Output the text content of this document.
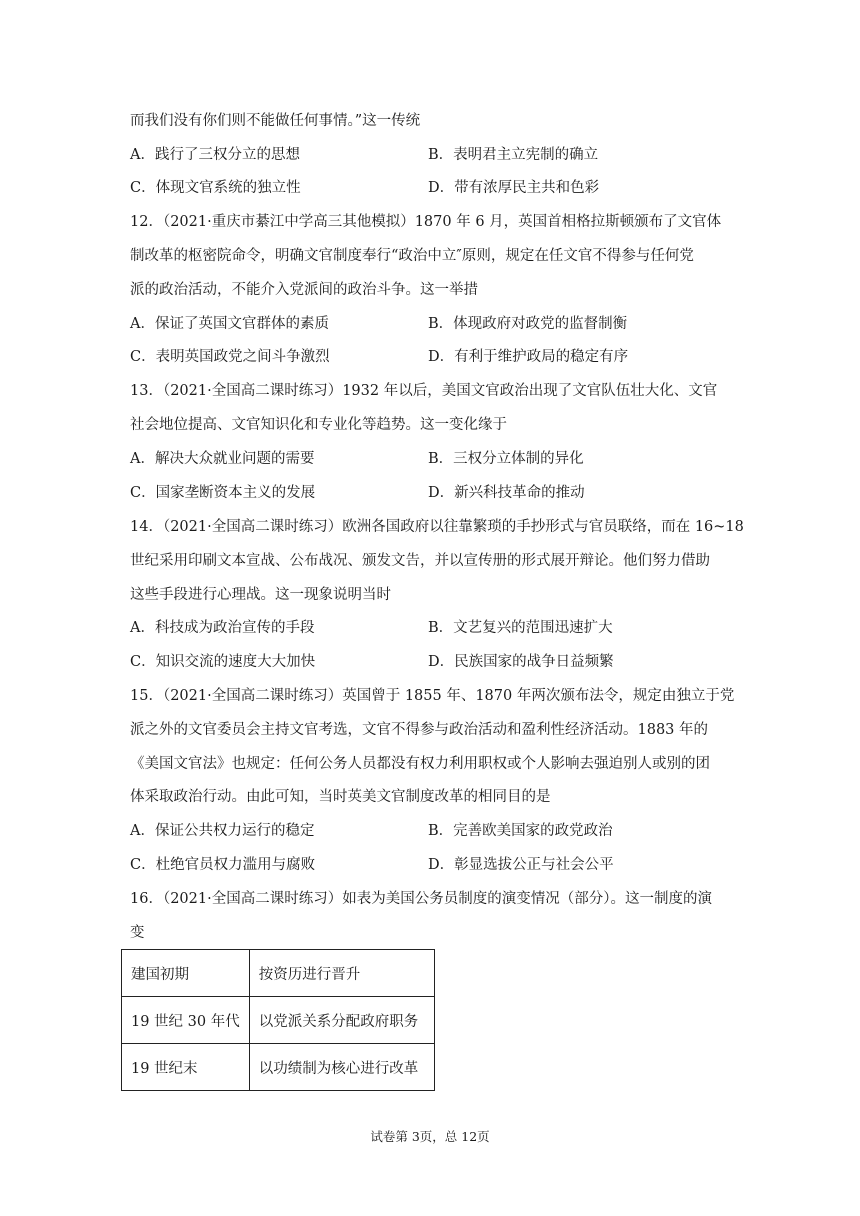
而我们没有你们则不能做任何事情。”这一传统
A．践行了三权分立的思想	B．表明君主立宪制的确立
C．体现文官系统的独立性	D．带有浓厚民主共和色彩
12．（2021·重庆市綦江中学高三其他模拟）1870 年 6 月，英国首相格拉斯顿颁布了文官体
制改革的枢密院命令，明确文官制度奉行“政治中立″原则，规定在任文官不得参与任何党
派的政治活动，不能介入党派间的政治斗争。这一举措
A．保证了英国文官群体的素质	B．体现政府对政党的监督制衡
C．表明英国政党之间斗争激烈	D．有利于维护政局的稳定有序
13．（2021·全国高二课时练习）1932 年以后，美国文官政治出现了文官队伍壮大化、文官
社会地位提高、文官知识化和专业化等趋势。这一变化缘于
A．解决大众就业问题的需要	B．三权分立体制的异化
C．国家垄断资本主义的发展	D．新兴科技革命的推动
14．（2021·全国高二课时练习）欧洲各国政府以往靠繁琐的手抄形式与官员联络，而在 16~18
世纪采用印刷文本宣战、公布战况、颁发文告，并以宣传册的形式展开辩论。他们努力借助
这些手段进行心理战。这一现象说明当时
A．科技成为政治宣传的手段	B．文艺复兴的范围迅速扩大
C．知识交流的速度大大加快	D．民族国家的战争日益频繁
15．（2021·全国高二课时练习）英国曾于 1855 年、1870 年两次颁布法令，规定由独立于党
派之外的文官委员会主持文官考选，文官不得参与政治活动和盈利性经济活动。1883 年的
《美国文官法》也规定：任何公务人员都没有权力利用职权或个人影响去强迫别人或别的团
体采取政治行动。由此可知，当时英美文官制度改革的相同目的是
A．保证公共权力运行的稳定	B．完善欧美国家的政党政治
C．杜绝官员权力滥用与腐败	D．彰显选拔公正与社会公平
16．（2021·全国高二课时练习）如表为美国公务员制度的演变情况（部分）。这一制度的演
变
建国初期	按资历进行晋升
19 世纪 30 年代	以党派关系分配政府职务
19 世纪末	以功绩制为核心进行改革
试卷第 3页，总 12页
